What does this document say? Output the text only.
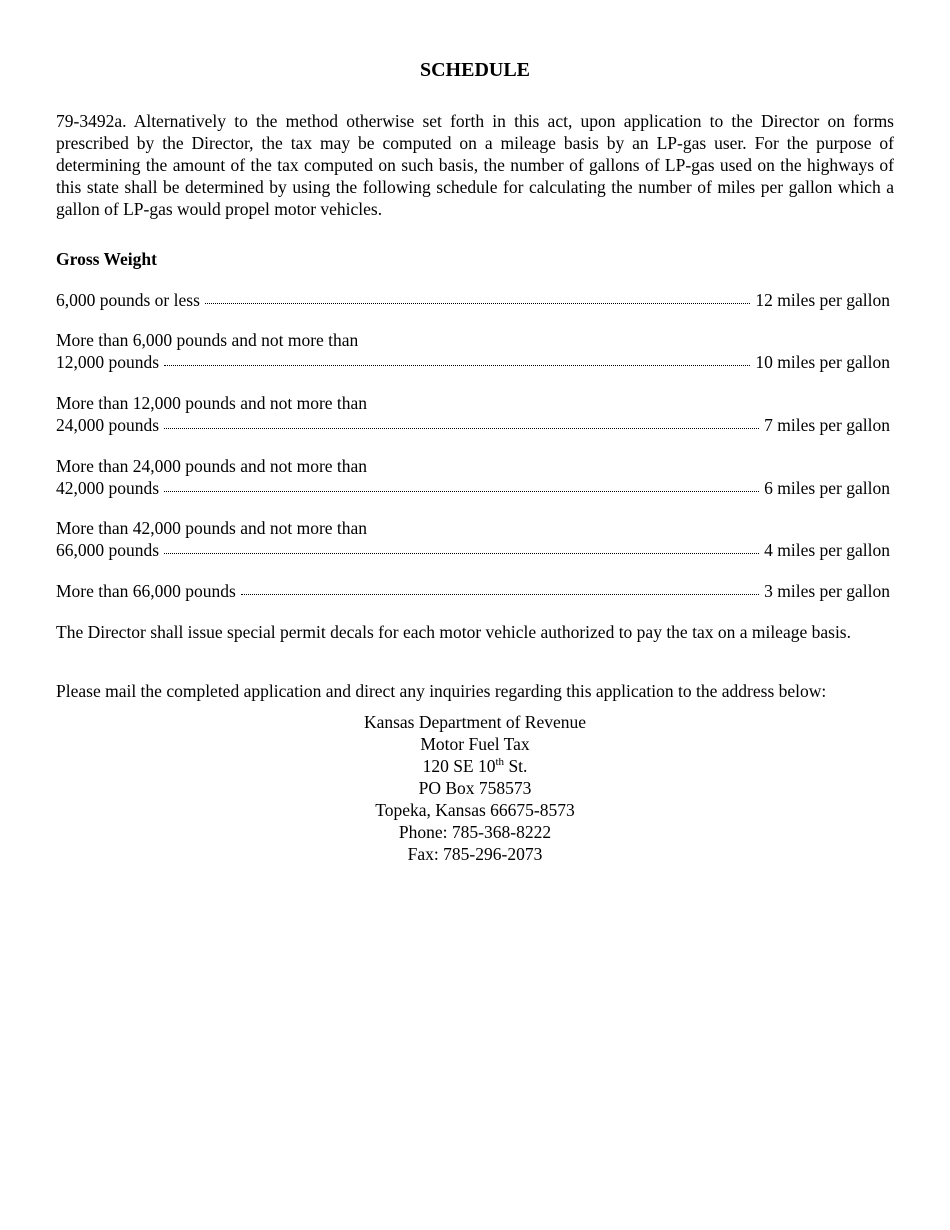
SCHEDULE

79-3492a. Alternatively to the method otherwise set forth in this act, upon application to the Director on forms prescribed by the Director, the tax may be computed on a mileage basis by an LP-gas user. For the purpose of determining the amount of the tax computed on such basis, the number of gallons of LP-gas used on the highways of this state shall be determined by using the following schedule for calculating the number of miles per gallon which a gallon of LP-gas would propel motor vehicles.

Gross Weight

6,000 pounds or less	12 miles per gallon
More than 6,000 pounds and not more than
12,000 pounds	10 miles per gallon
More than 12,000 pounds and not more than
24,000 pounds	7 miles per gallon
More than 24,000 pounds and not more than
42,000 pounds	6 miles per gallon
More than 42,000 pounds and not more than
66,000 pounds	4 miles per gallon
More than 66,000 pounds	3 miles per gallon

The Director shall issue special permit decals for each motor vehicle authorized to pay the tax on a mileage basis.

Please mail the completed application and direct any inquiries regarding this application to the address below:

Kansas Department of Revenue
Motor Fuel Tax
120 SE 10th St.
PO Box 758573
Topeka, Kansas 66675-8573
Phone: 785-368-8222
Fax: 785-296-2073
